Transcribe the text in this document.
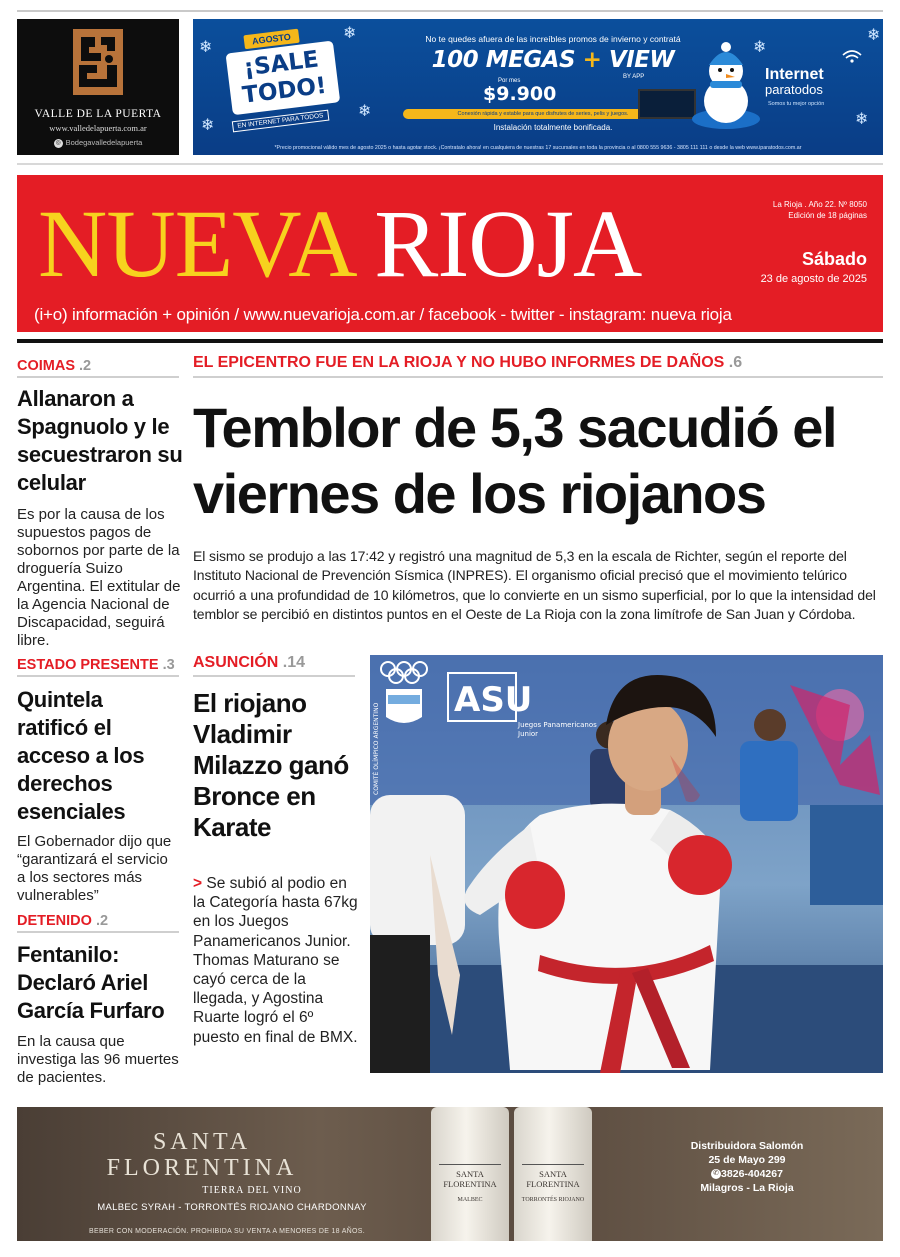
VALLE DE LA PUERTA
www.valledelapuerta.com.ar
◎ Bodegavalledelapuerta
❄
❄
❄
❄
❄
❄
❄
AGOSTO
¡SALE
TODO!
EN INTERNET PARA TODOS
No te quedes afuera de las increíbles promos de invierno y contratá
100 MEGAS + VIEW
BY APP
Por mes
$9.900
Conexión rápida y estable para que disfrutes de series, pelis y juegos.
Instalación totalmente bonificada.
Internet
paratodos
Somos tu mejor opción
*Precio promocional válido mes de agosto 2025 o hasta agotar stock. ¡Contratalo ahora! en cualquiera de nuestras 17 sucursales en toda la provincia o al 0800 555 9636 - 3805 111 111 o desde la web www.iparatodos.com.ar
NUEVA RIOJA	La Rioja . Año 22. Nº 8050
Edición de 18 páginas
Sábado
23 de agosto de 2025
(i+o) información + opinión / www.nuevarioja.com.ar / facebook - twitter - instagram: nueva rioja
COIMAS .2
Allanaron a Spagnuolo y le secuestraron su celular
Es por la causa de los supuestos pagos de sobornos por parte de la droguería Suizo Argentina. El extitular de la Agencia Nacional de Discapacidad, seguirá libre.
ESTADO PRESENTE .3
Quintela ratificó el acceso a los derechos esenciales
El Gobernador dijo que “garantizará el servicio a los sectores más vulnerables”
DETENIDO .2
Fentanilo: Declaró Ariel García Furfaro
En la causa que investiga las 96 muertes de pacientes.
EL EPICENTRO FUE EN LA RIOJA Y NO HUBO INFORMES DE DAÑOS .6
Temblor de 5,3 sacudió el viernes de los riojanos
El sismo se produjo a las 17:42 y registró una magnitud de 5,3 en la escala de Richter, según el reporte del Instituto Nacional de Prevención Sísmica (INPRES). El organismo oficial precisó que el movimiento telúrico ocurrió a una profundidad de 10 kilómetros, que lo convierte en un sismo superficial, por lo que la intensidad del temblor se percibió en distintos puntos en el Oeste de La Rioja con la zona limítrofe de San Juan y Córdoba.
ASUNCIÓN .14
El riojano Vladimir Milazzo ganó Bronce en Karate
> Se subió al podio en la Categoría hasta 67kg en los Juegos Panamericanos Junior. Thomas Maturano se cayó cerca de la llegada, y Agostina Ruarte logró el 6º puesto en final de BMX.
ASU
Juegos Panamericanos
Junior
COMITÉ OLÍMPICO ARGENTINO
SANTA
FLORENTINA
TIERRA DEL VINO
MALBEC SYRAH - TORRONTÉS RIOJANO CHARDONNAY
BEBER CON MODERACIÓN. PROHIBIDA SU VENTA A MENORES DE 18 AÑOS.
SANTA
FLORENTINA
MALBEC
SANTA
FLORENTINA
TORRONTÉS RIOJANO
Distribuidora Salomón
25 de Mayo 299
✆ 3826-404267
Milagros - La Rioja
